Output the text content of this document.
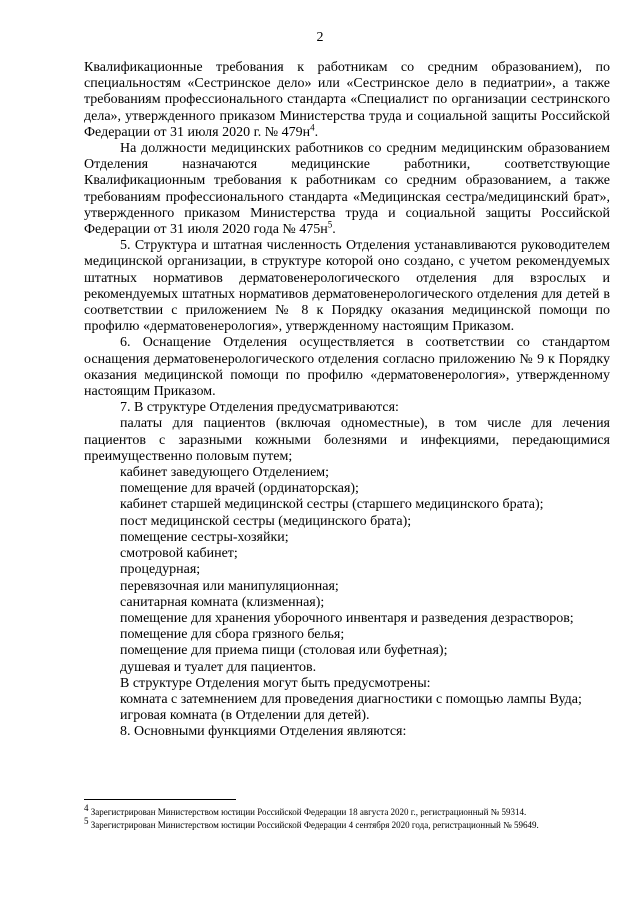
2

Квалификационные требования к работникам со средним образованием), по специальностям «Сестринское дело» или «Сестринское дело в педиатрии», а также требованиям профессионального стандарта «Специалист по организации сестринского дела», утвержденного приказом Министерства труда и социальной защиты Российской Федерации от 31 июля 2020 г. № $479н^4$.

На должности медицинских работников со средним медицинским образованием Отделения назначаются медицинские работники, соответствующие Квалификационным требования к работникам со средним образованием, а также требованиям профессионального стандарта «Медицинская сестра/медицинский брат», утвержденного приказом Министерства труда и социальной защиты Российской Федерации от 31 июля 2020 года № $475н^5$.

5. Структура и штатная численность Отделения устанавливаются руководителем медицинской организации, в структуре которой оно создано, с учетом рекомендуемых штатных нормативов дерматовенерологического отделения для взрослых и рекомендуемых штатных нормативов дерматовенерологического отделения для детей в соответствии с приложением № 8 к Порядку оказания медицинской помощи по профилю «дерматовенерология», утвержденному настоящим Приказом.

6. Оснащение Отделения осуществляется в соответствии со стандартом оснащения дерматовенерологического отделения согласно приложению № 9 к Порядку оказания медицинской помощи по профилю «дерматовенерология», утвержденному настоящим Приказом.

7. В структуре Отделения предусматриваются:

палаты для пациентов (включая одноместные), в том числе для лечения пациентов с заразными кожными болезнями и инфекциями, передающимися преимущественно половым путем;

кабинет заведующего Отделением;

помещение для врачей (ординаторская);

кабинет старшей медицинской сестры (старшего медицинского брата);

пост медицинской сестры (медицинского брата);

помещение сестры-хозяйки;

смотровой кабинет;

процедурная;

перевязочная или манипуляционная;

санитарная комната (клизменная);

помещение для хранения уборочного инвентаря и разведения дезрастворов;

помещение для сбора грязного белья;

помещение для приема пищи (столовая или буфетная);

душевая и туалет для пациентов.

В структуре Отделения могут быть предусмотрены:

комната с затемнением для проведения диагностики с помощью лампы Вуда;

игровая комната (в Отделении для детей).

8. Основными функциями Отделения являются:

$^4$ Зарегистрирован Министерством юстиции Российской Федерации 18 августа 2020 г., регистрационный № 59314.

$^5$ Зарегистрирован Министерством юстиции Российской Федерации 4 сентября 2020 года, регистрационный № 59649.
